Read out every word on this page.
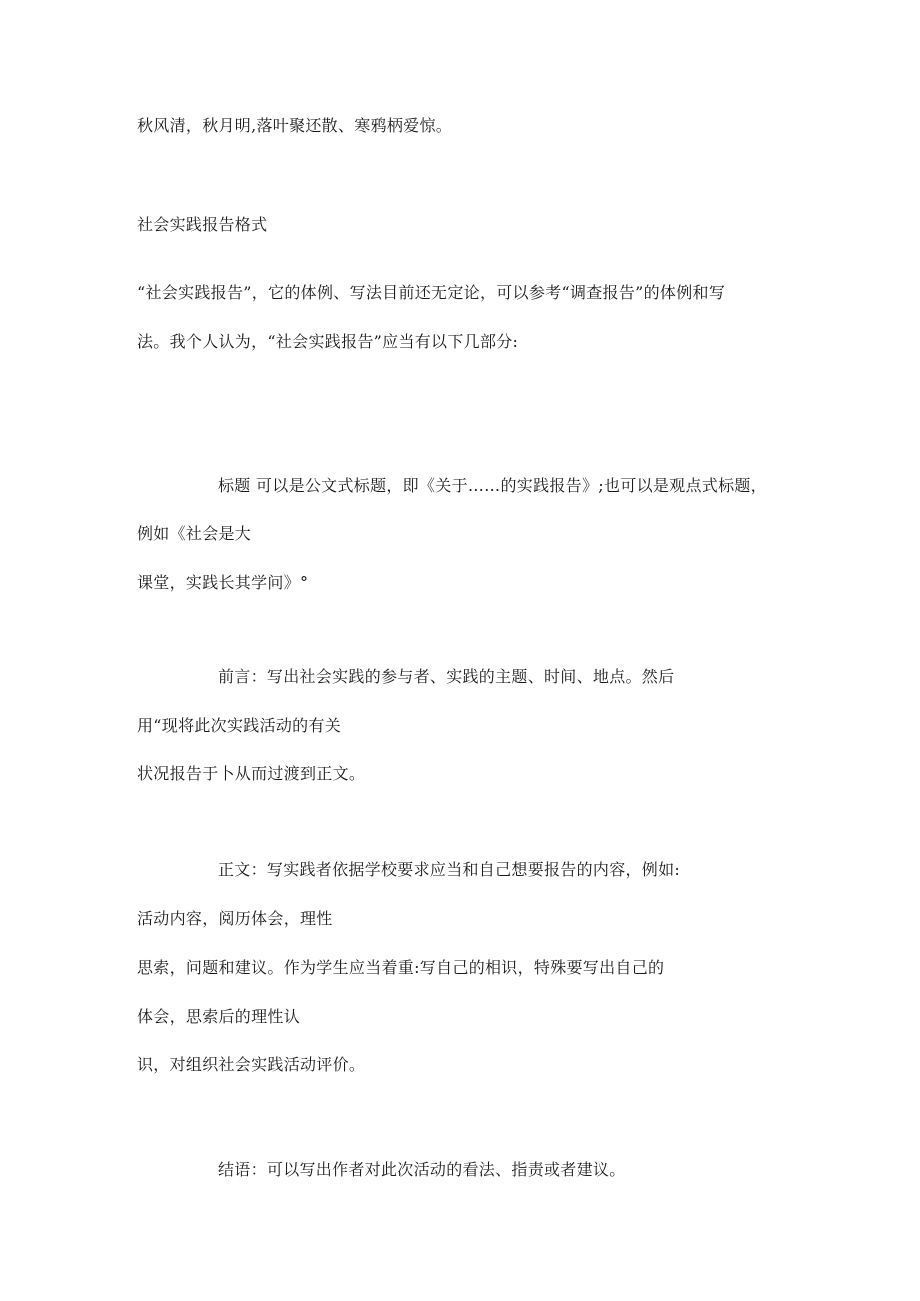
秋风清，秋月明,落叶聚还散、寒鸦柄爱惊。
社会实践报告格式
“社会实践报告”，它的体例、写法目前还无定论，可以参考“调查报告”的体例和写
法。我个人认为，“社会实践报告”应当有以下几部分:
标题 可以是公文式标题，即《关于……的实践报告》;也可以是观点式标题，
例如《社会是大
课堂，实践长其学问》°
前言：写出社会实践的参与者、实践的主题、时间、地点。然后
用“现将此次实践活动的有关
状况报告于卜从而过渡到正文。
正文：写实践者依据学校要求应当和自己想要报告的内容，例如:
活动内容，阅历体会，理性
思索，问题和建议。作为学生应当着重:写自己的相识，特殊要写出自己的
体会，思索后的理性认
识，对组织社会实践活动评价。
结语：可以写出作者对此次活动的看法、指责或者建议。
